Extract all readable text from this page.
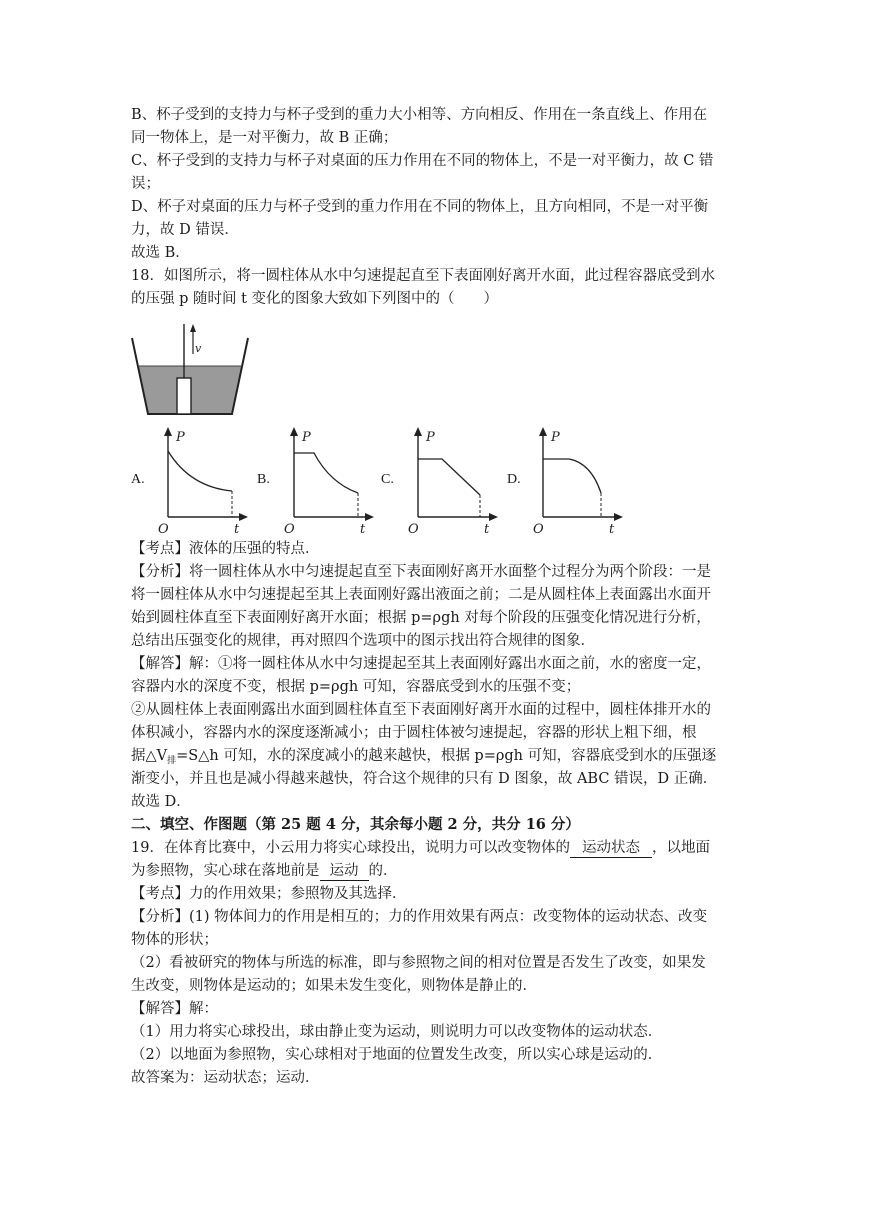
B、杯子受到的支持力与杯子受到的重力大小相等、方向相反、作用在一条直线上、作用在
同一物体上，是一对平衡力，故 B 正确；
C、杯子受到的支持力与杯子对桌面的压力作用在不同的物体上，不是一对平衡力，故 C 错
误；
D、杯子对桌面的压力与杯子受到的重力作用在不同的物体上，且方向相同，不是一对平衡
力，故 D 错误．
故选 B．
18．如图所示，将一圆柱体从水中匀速提起直至下表面刚好离开水面，此过程容器底受到水
的压强 p 随时间 t 变化的图象大致如下列图中的（　　）
v
A.	B.	C.	D.
P
O	t
P
O	t
P
O	t
P
O	t
【考点】液体的压强的特点．
【分析】将一圆柱体从水中匀速提起直至下表面刚好离开水面整个过程分为两个阶段：一是
将一圆柱体从水中匀速提起至其上表面刚好露出液面之前；二是从圆柱体上表面露出水面开
始到圆柱体直至下表面刚好离开水面；根据 p=ρgh 对每个阶段的压强变化情况进行分析，
总结出压强变化的规律，再对照四个选项中的图示找出符合规律的图象．
【解答】解：①将一圆柱体从水中匀速提起至其上表面刚好露出水面之前，水的密度一定，
容器内水的深度不变，根据 p=ρgh 可知，容器底受到水的压强不变；
②从圆柱体上表面刚露出水面到圆柱体直至下表面刚好离开水面的过程中，圆柱体排开水的
体积减小，容器内水的深度逐渐减小；由于圆柱体被匀速提起，容器的形状上粗下细，根
据$\triangle V_排=S\triangle h$ 可知，水的深度减小的越来越快，根据 p=ρgh 可知，容器底受到水的压强逐
渐变小，并且也是减小得越来越快，符合这个规律的只有 D 图象，故 ABC 错误，D 正确．
故选 D．
二、填空、作图题（第 25 题 4 分，其余每小题 2 分，共分 16 分）
19．在体育比赛中，小云用力将实心球投出，说明力可以改变物体的 运动状态 ，以地面
为参照物，实心球在落地前是 运动 的．
【考点】力的作用效果；参照物及其选择．
【分析】(1) 物体间力的作用是相互的；力的作用效果有两点：改变物体的运动状态、改变
物体的形状；
（2）看被研究的物体与所选的标准，即与参照物之间的相对位置是否发生了改变，如果发
生改变，则物体是运动的；如果未发生变化，则物体是静止的．
【解答】解：
（1）用力将实心球投出，球由静止变为运动，则说明力可以改变物体的运动状态．
（2）以地面为参照物，实心球相对于地面的位置发生改变，所以实心球是运动的．
故答案为：运动状态；运动．
